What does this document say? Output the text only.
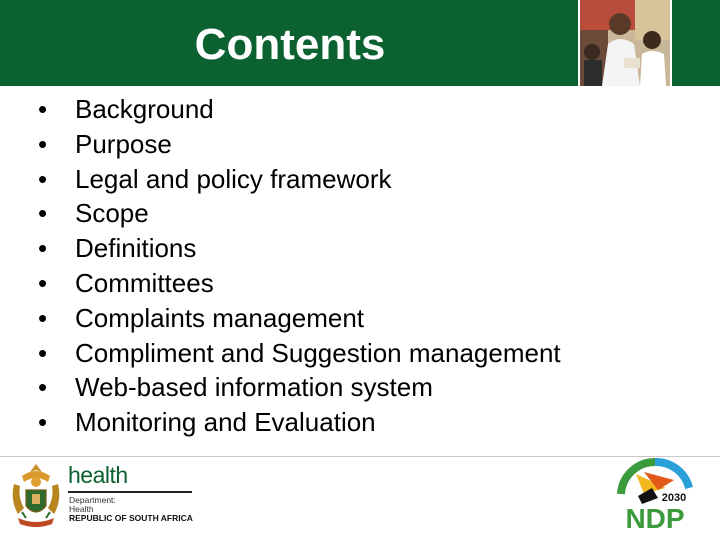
Contents
•	Background
•	Purpose
•	Legal and policy framework
•	Scope
•	Definitions
•	Committees
•	Complaints management
•	Compliment and Suggestion management
•	Web-based information system
•	Monitoring and Evaluation
health
Department:
Health
REPUBLIC OF SOUTH AFRICA
2030
NDP
